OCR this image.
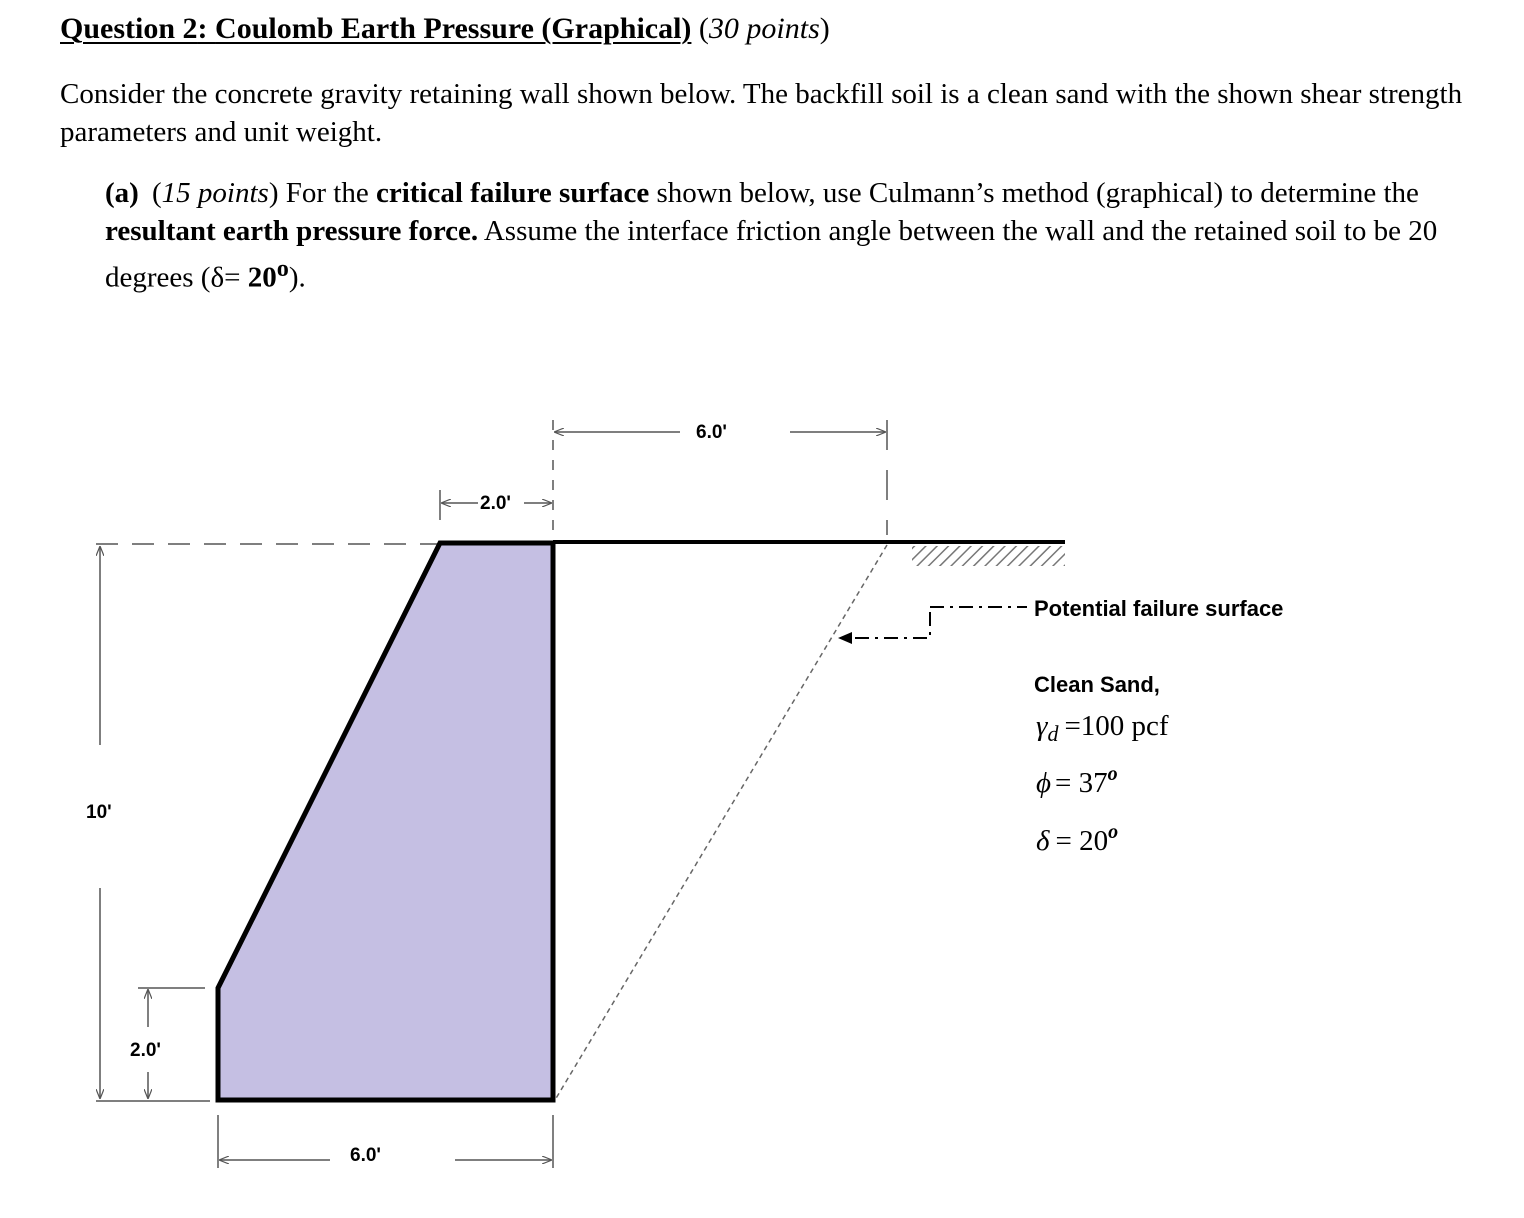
Question 2: Coulomb Earth Pressure (Graphical) (30 points)
Consider the concrete gravity retaining wall shown below. The backfill soil is a clean sand with the shown shear strength parameters and unit weight.
(a) (15 points) For the critical failure surface shown below, use Culmann’s method (graphical) to determine the resultant earth pressure force. Assume the interface friction angle between the wall and the retained soil to be 20 degrees $(\delta= 20^o)$.
6.0'
2.0'
10'
2.0'
6.0'
Potential failure surface
Clean Sand,
$\gamma_d =100$ pcf
$\phi = 37^o$
$\delta = 20^o$
